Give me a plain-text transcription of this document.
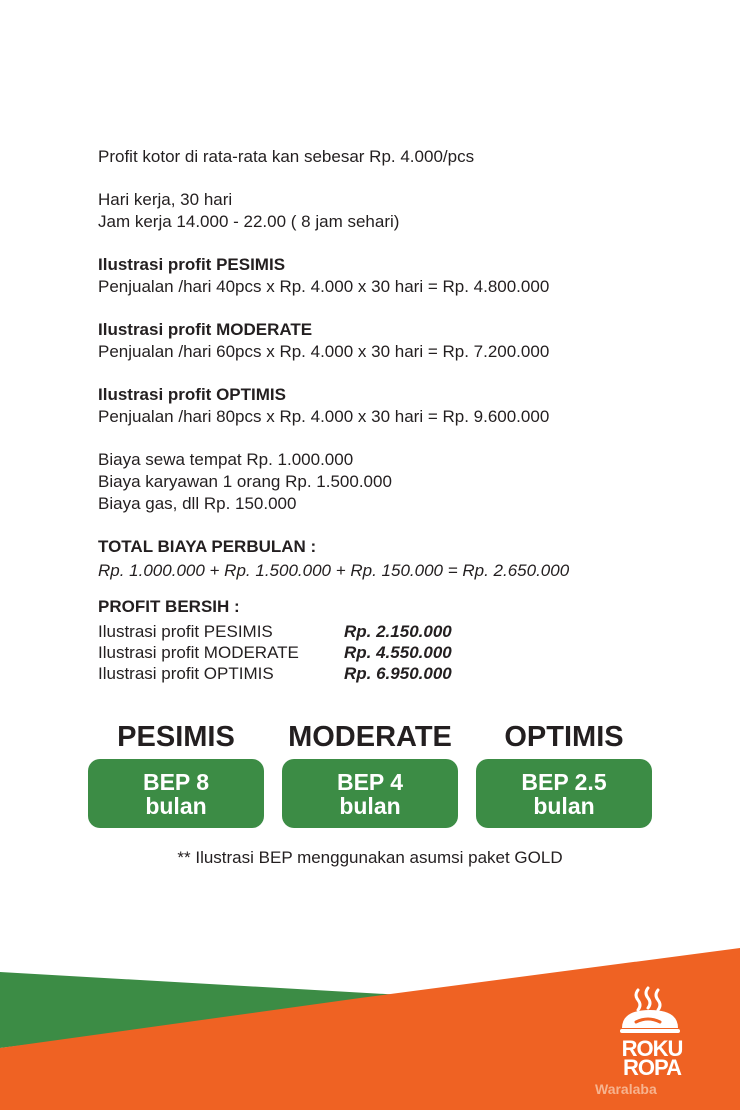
Profit kotor di rata-rata kan sebesar Rp. 4.000/pcs
Hari kerja, 30 hari
Jam kerja 14.000 - 22.00 ( 8 jam sehari)
Ilustrasi profit PESIMIS
Penjualan /hari 40pcs x Rp. 4.000 x 30 hari = Rp. 4.800.000
Ilustrasi profit MODERATE
Penjualan /hari 60pcs x Rp. 4.000 x 30 hari = Rp. 7.200.000
Ilustrasi profit OPTIMIS
Penjualan /hari 80pcs x Rp. 4.000 x 30 hari = Rp. 9.600.000
Biaya sewa tempat Rp. 1.000.000
Biaya karyawan 1 orang Rp. 1.500.000
Biaya gas, dll Rp. 150.000
TOTAL BIAYA PERBULAN :
Rp. 1.000.000 + Rp. 1.500.000 + Rp. 150.000 = Rp. 2.650.000
PROFIT BERSIH :
Ilustrasi profit PESIMIS	Rp. 2.150.000
Ilustrasi profit MODERATE	Rp. 4.550.000
Ilustrasi profit OPTIMIS	Rp. 6.950.000
PESIMIS
BEP 8
bulan
MODERATE
BEP 4
bulan
OPTIMIS
BEP 2.5
bulan
** Ilustrasi BEP menggunakan asumsi paket GOLD
ROKU
ROPA
Waralaba
